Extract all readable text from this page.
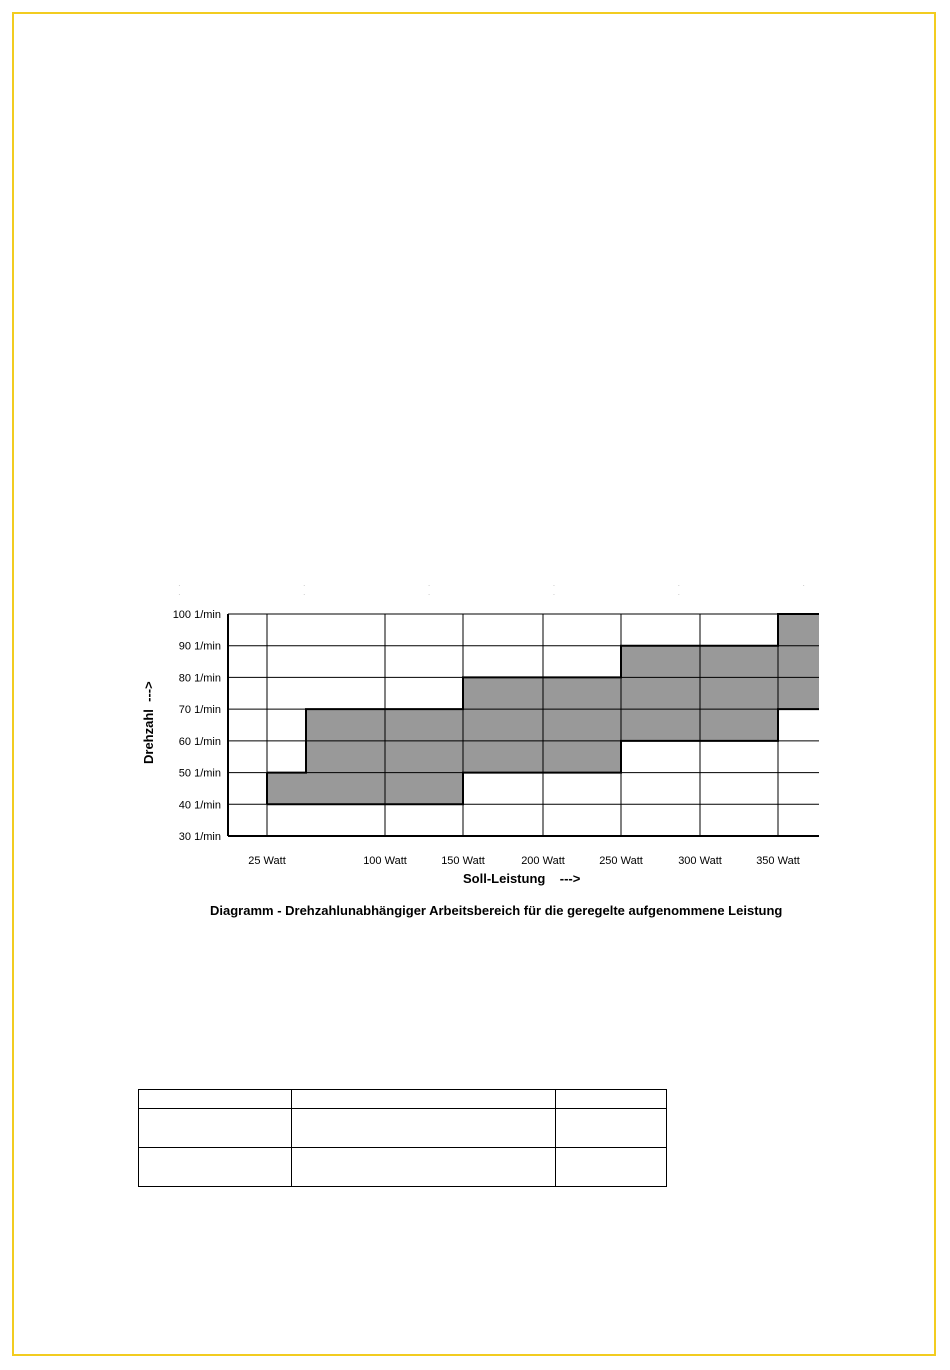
· · · · · · · · · · ·
30 1/min
40 1/min
50 1/min
60 1/min
70 1/min
80 1/min
90 1/min
100 1/min
25 Watt	100 Watt	150 Watt	200 Watt	250 Watt	300 Watt	350 Watt
Soll-Leistung    --->
Drehzahl  --->
Diagramm - Drehzahlunabhängiger Arbeitsbereich für die geregelte aufgenommene Leistung
